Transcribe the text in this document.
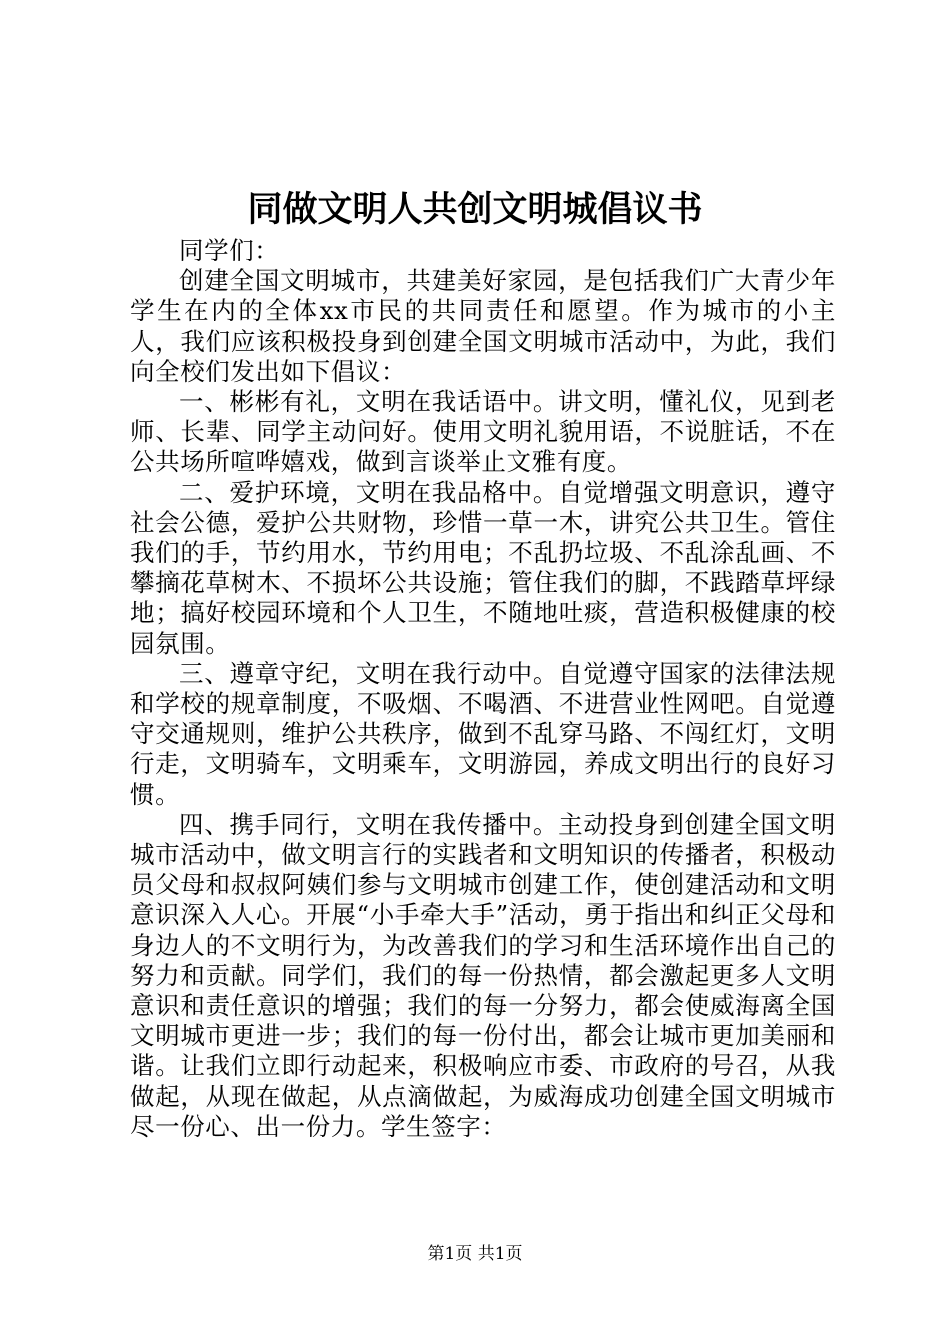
同做文明人共创文明城倡议书

同学们：

创建全国文明城市，共建美好家园，是包括我们广大青少年学生在内的全体xx市民的共同责任和愿望。作为城市的小主人，我们应该积极投身到创建全国文明城市活动中，为此，我们向全校们发出如下倡议：

一、彬彬有礼，文明在我话语中。讲文明，懂礼仪，见到老师、长辈、同学主动问好。使用文明礼貌用语，不说脏话，不在公共场所喧哗嬉戏，做到言谈举止文雅有度。

二、爱护环境，文明在我品格中。自觉增强文明意识，遵守社会公德，爱护公共财物，珍惜一草一木，讲究公共卫生。管住我们的手，节约用水，节约用电；不乱扔垃圾、不乱涂乱画、不攀摘花草树木、不损坏公共设施；管住我们的脚，不践踏草坪绿地；搞好校园环境和个人卫生，不随地吐痰，营造积极健康的校园氛围。

三、遵章守纪，文明在我行动中。自觉遵守国家的法律法规和学校的规章制度，不吸烟、不喝酒、不进营业性网吧。自觉遵守交通规则，维护公共秩序，做到不乱穿马路、不闯红灯，文明行走，文明骑车，文明乘车，文明游园，养成文明出行的良好习惯。

四、携手同行，文明在我传播中。主动投身到创建全国文明城市活动中，做文明言行的实践者和文明知识的传播者，积极动员父母和叔叔阿姨们参与文明城市创建工作，使创建活动和文明意识深入人心。开展“小手牵大手”活动，勇于指出和纠正父母和身边人的不文明行为，为改善我们的学习和生活环境作出自己的努力和贡献。同学们，我们的每一份热情，都会激起更多人文明意识和责任意识的增强；我们的每一分努力，都会使威海离全国文明城市更进一步；我们的每一份付出，都会让城市更加美丽和谐。让我们立即行动起来，积极响应市委、市政府的号召，从我做起，从现在做起，从点滴做起，为威海成功创建全国文明城市尽一份心、出一份力。学生签字：

第1页 共1页
